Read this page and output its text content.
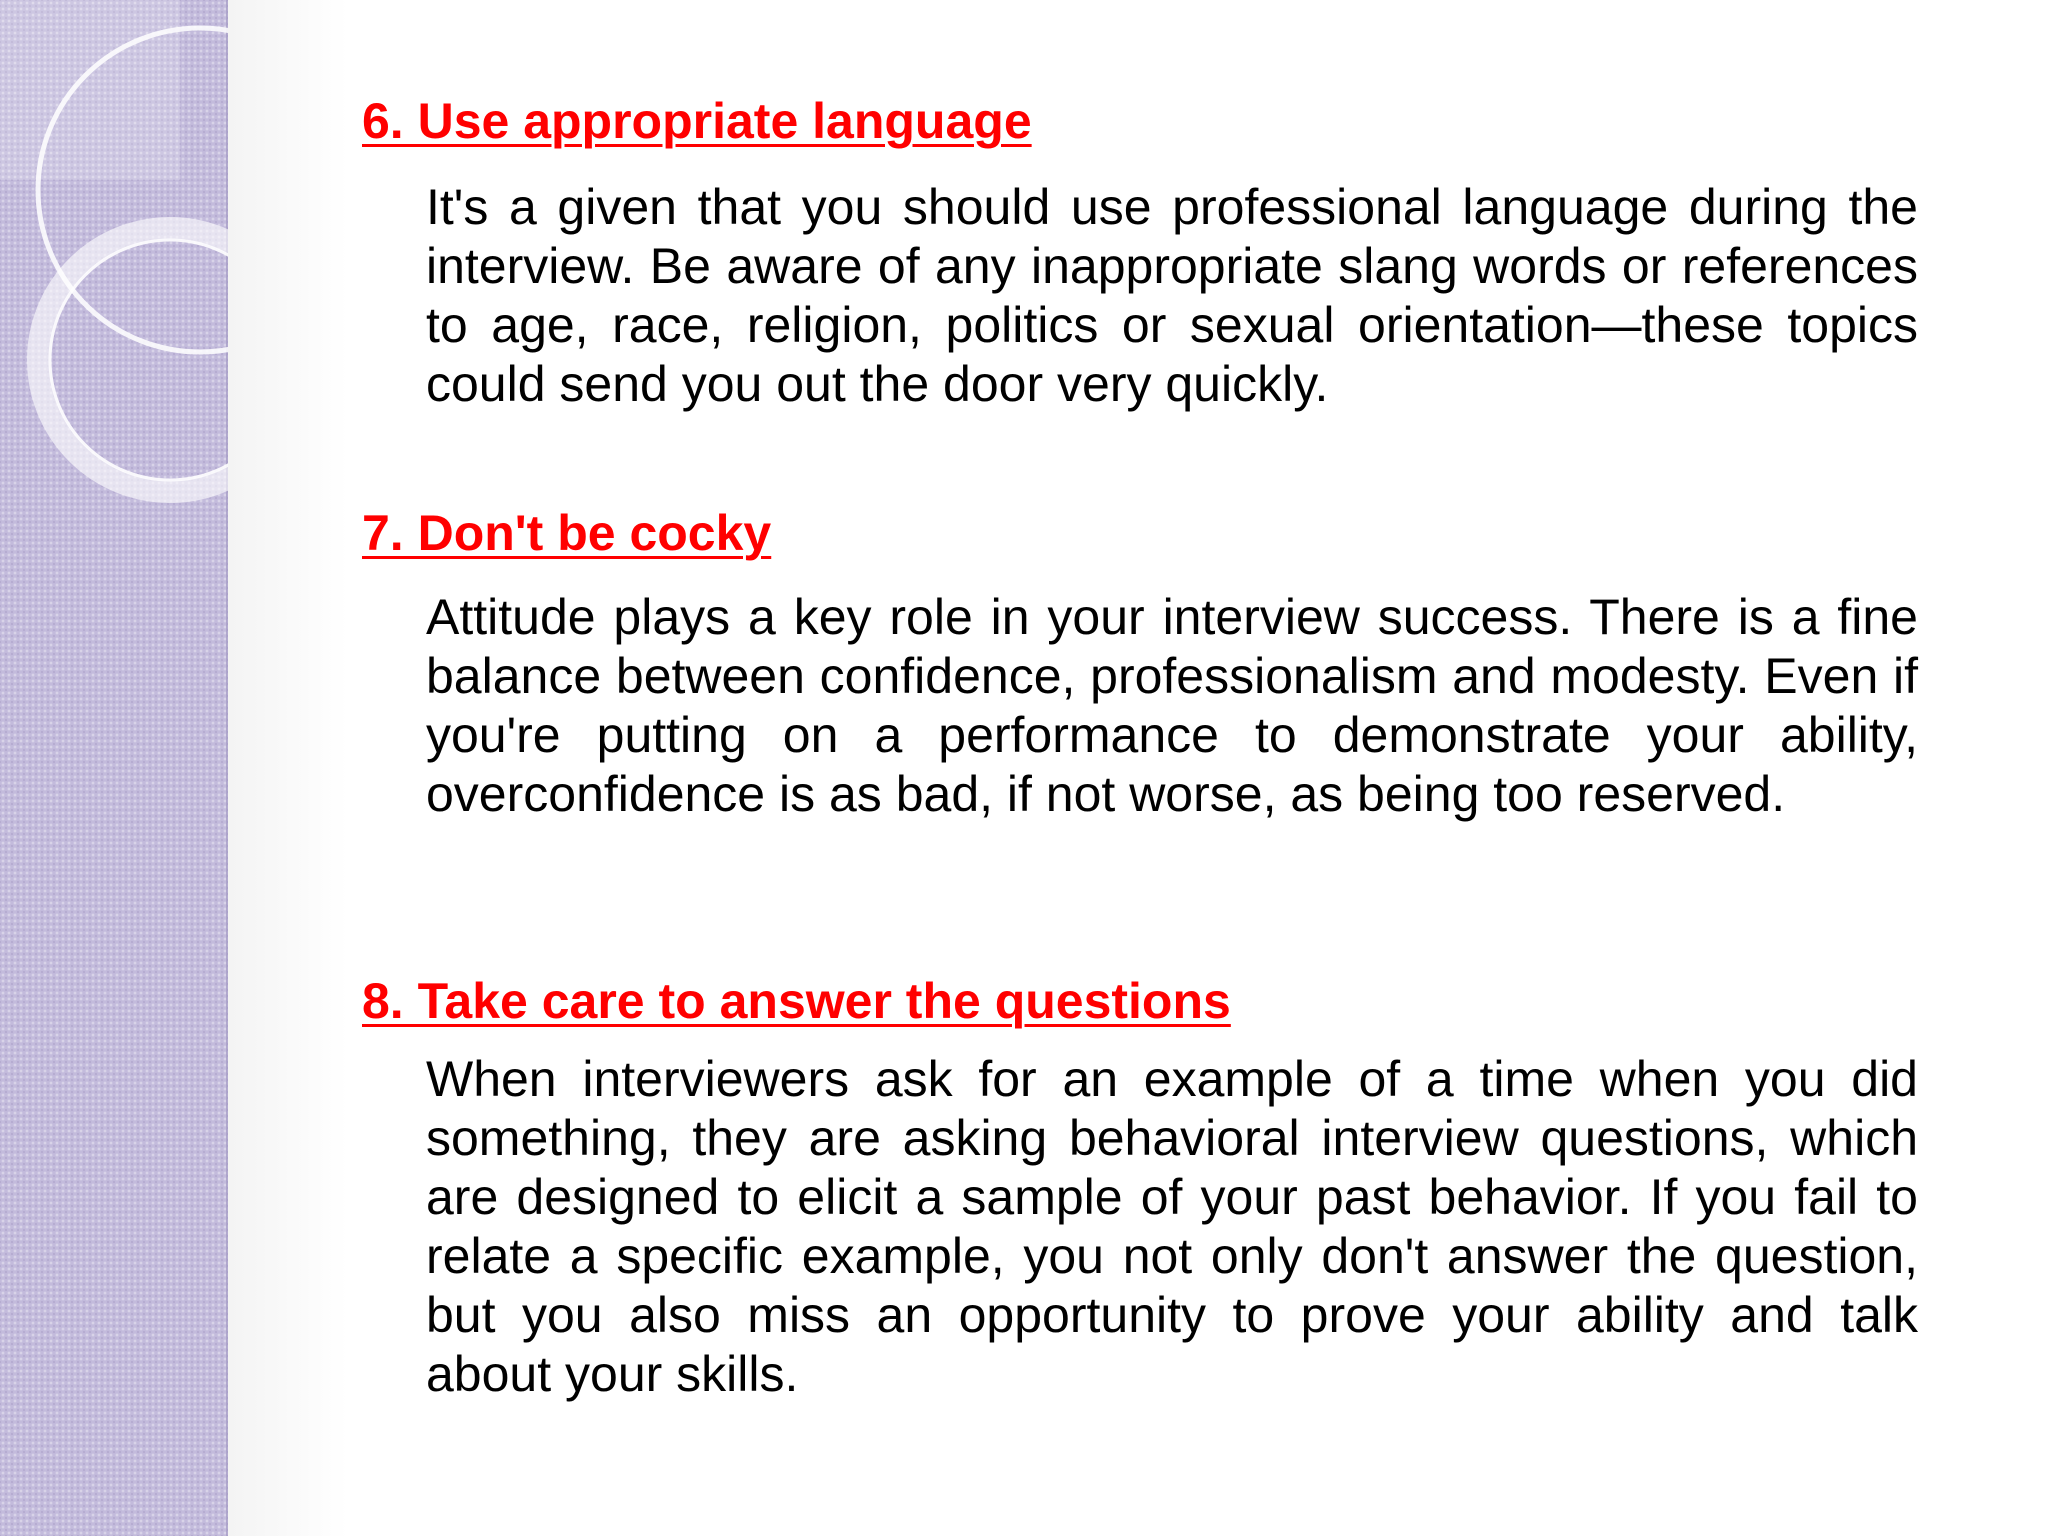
6. Use appropriate language

It's a given that you should use professional language during the interview. Be aware of any inappropriate slang words or references to age, race, religion, politics or sexual orientation—these topics could send you out the door very quickly.

7. Don't be cocky

Attitude plays a key role in your interview success. There is a fine balance between confidence, professionalism and modesty. Even if you're putting on a performance to demonstrate your ability, overconfidence is as bad, if not worse, as being too reserved.

8. Take care to answer the questions

When interviewers ask for an example of a time when you did something, they are asking behavioral interview questions, which are designed to elicit a sample of your past behavior. If you fail to relate a specific example, you not only don't answer the question, but you also miss an opportunity to prove your ability and talk about your skills.
